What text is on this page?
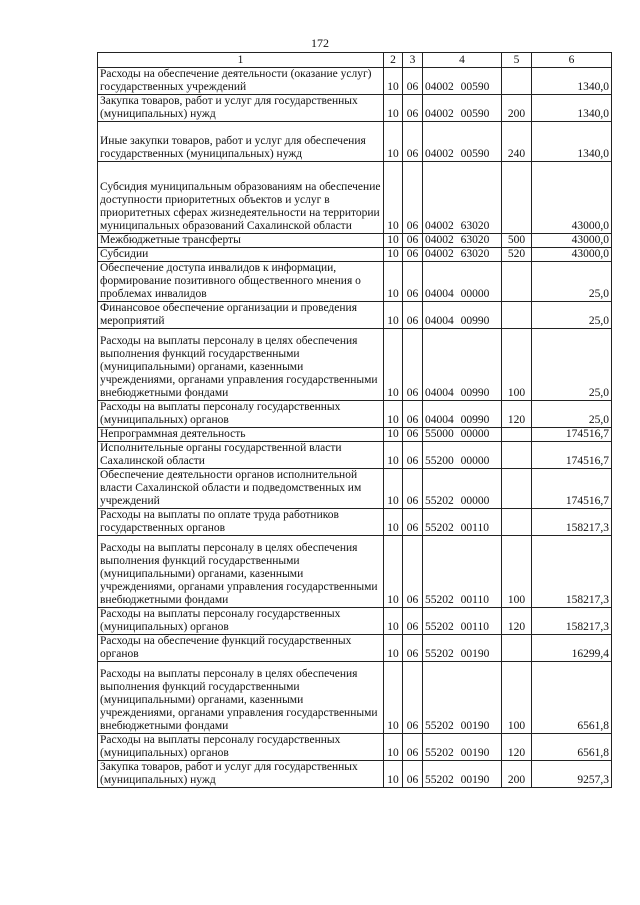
172
1	2	3	4	5	6
Расходы на обеспечение деятельности (оказание услуг) государственных учреждений	10	06	04002 00590		1340,0
Закупка товаров, работ и услуг для государственных (муниципальных) нужд	10	06	04002 00590	200	1340,0
Иные закупки товаров, работ и услуг для обеспечения государственных (муниципальных) нужд	10	06	04002 00590	240	1340,0
Субсидия муниципальным образованиям на обеспечение доступности приоритетных объектов и услуг в приоритетных сферах жизнедеятельности на территории муниципальных образований Сахалинской области	10	06	04002 63020		43000,0
Межбюджетные трансферты	10	06	04002 63020	500	43000,0
Субсидии	10	06	04002 63020	520	43000,0
Обеспечение доступа инвалидов к информации, формирование позитивного общественного мнения о проблемах инвалидов	10	06	04004 00000		25,0
Финансовое обеспечение организации и проведения мероприятий	10	06	04004 00990		25,0
Расходы на выплаты персоналу в целях обеспечения выполнения функций государственными (муниципальными) органами, казенными учреждениями, органами управления государственными внебюджетными фондами	10	06	04004 00990	100	25,0
Расходы на выплаты персоналу государственных (муниципальных) органов	10	06	04004 00990	120	25,0
Непрограммная деятельность	10	06	55000 00000		174516,7
Исполнительные органы государственной власти Сахалинской области	10	06	55200 00000		174516,7
Обеспечение деятельности органов исполнительной власти Сахалинской области и подведомственных им учреждений	10	06	55202 00000		174516,7
Расходы на выплаты по оплате труда работников государственных органов	10	06	55202 00110		158217,3
Расходы на выплаты персоналу в целях обеспечения выполнения функций государственными (муниципальными) органами, казенными учреждениями, органами управления государственными внебюджетными фондами	10	06	55202 00110	100	158217,3
Расходы на выплаты персоналу государственных (муниципальных) органов	10	06	55202 00110	120	158217,3
Расходы на обеспечение функций государственных органов	10	06	55202 00190		16299,4
Расходы на выплаты персоналу в целях обеспечения выполнения функций государственными (муниципальными) органами, казенными учреждениями, органами управления государственными внебюджетными фондами	10	06	55202 00190	100	6561,8
Расходы на выплаты персоналу государственных (муниципальных) органов	10	06	55202 00190	120	6561,8
Закупка товаров, работ и услуг для государственных (муниципальных) нужд	10	06	55202 00190	200	9257,3
